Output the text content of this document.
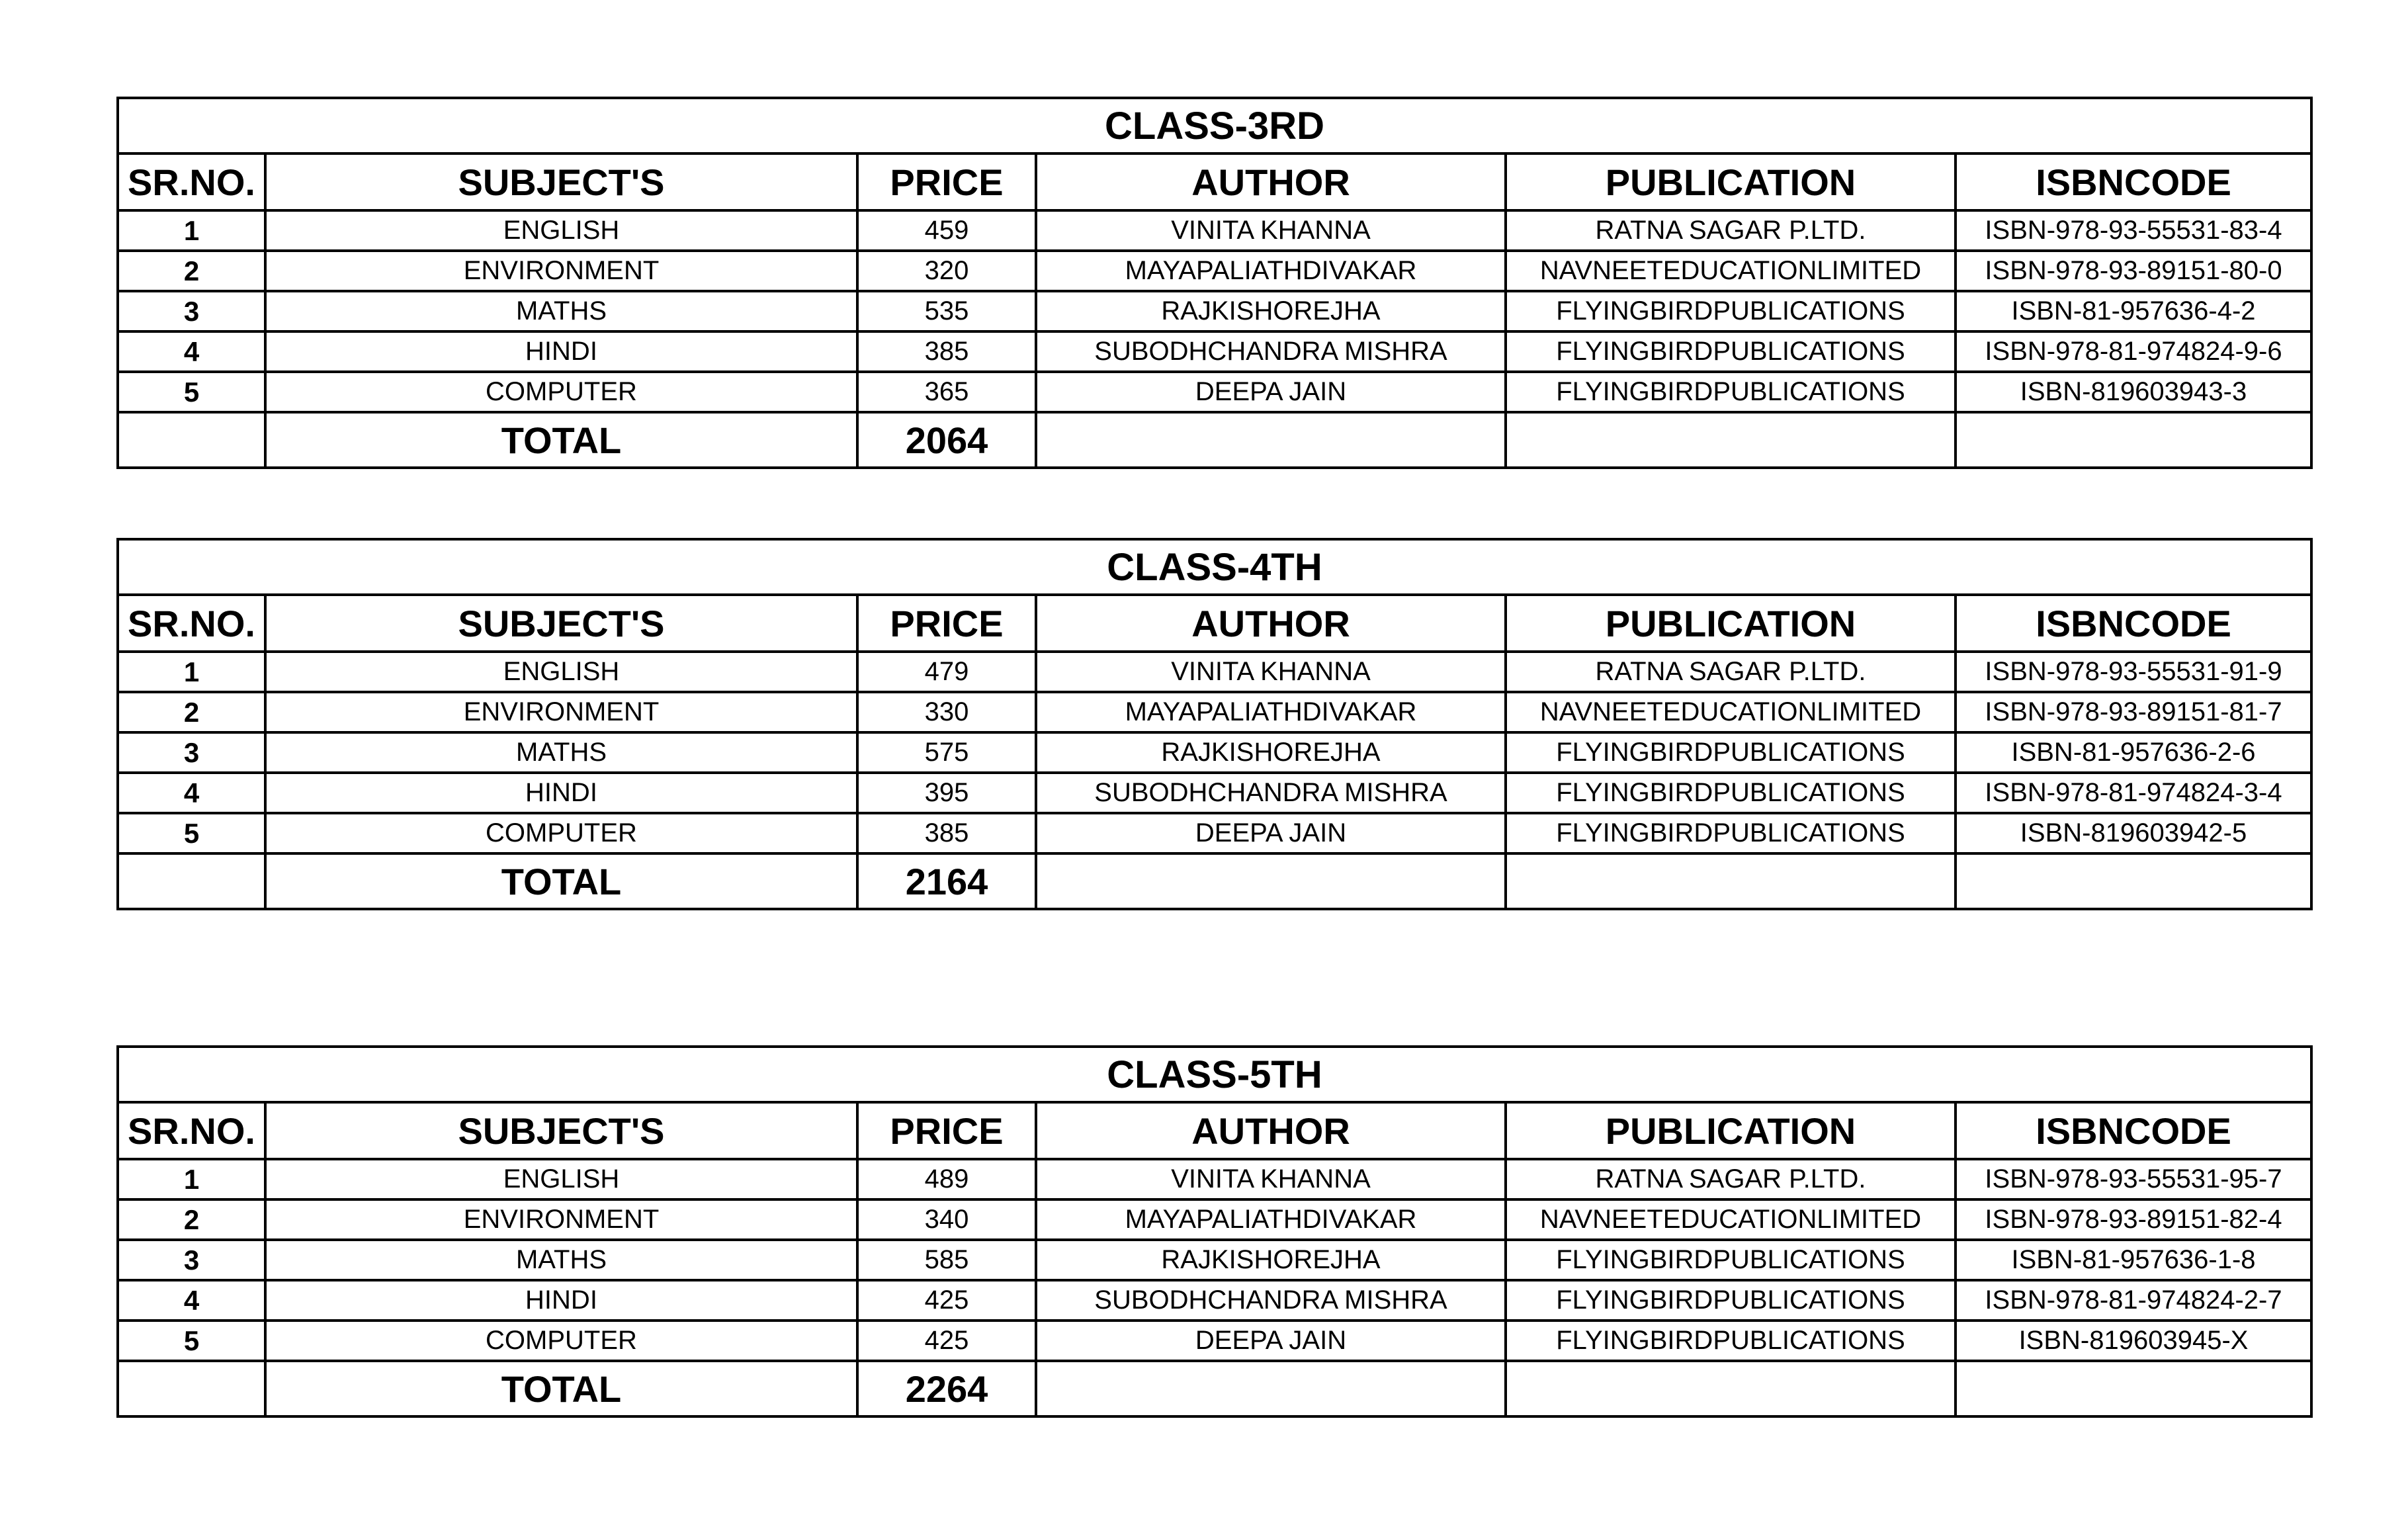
CLASS-3RD					
SR.NO.	SUBJECT'S	PRICE	AUTHOR	PUBLICATION	ISBNCODE
1	ENGLISH	459	VINITA KHANNA	RATNA SAGAR P.LTD.	ISBN-978-93-55531-83-4
2	ENVIRONMENT	320	MAYAPALIATHDIVAKAR	NAVNEETEDUCATIONLIMITED	ISBN-978-93-89151-80-0
3	MATHS	535	RAJKISHOREJHA	FLYINGBIRDPUBLICATIONS	ISBN-81-957636-4-2
4	HINDI	385	SUBODHCHANDRA MISHRA	FLYINGBIRDPUBLICATIONS	ISBN-978-81-974824-9-6
5	COMPUTER	365	DEEPA JAIN	FLYINGBIRDPUBLICATIONS	ISBN-819603943-3
	TOTAL	2064			
CLASS-4TH					
SR.NO.	SUBJECT'S	PRICE	AUTHOR	PUBLICATION	ISBNCODE
1	ENGLISH	479	VINITA KHANNA	RATNA SAGAR P.LTD.	ISBN-978-93-55531-91-9
2	ENVIRONMENT	330	MAYAPALIATHDIVAKAR	NAVNEETEDUCATIONLIMITED	ISBN-978-93-89151-81-7
3	MATHS	575	RAJKISHOREJHA	FLYINGBIRDPUBLICATIONS	ISBN-81-957636-2-6
4	HINDI	395	SUBODHCHANDRA MISHRA	FLYINGBIRDPUBLICATIONS	ISBN-978-81-974824-3-4
5	COMPUTER	385	DEEPA JAIN	FLYINGBIRDPUBLICATIONS	ISBN-819603942-5
	TOTAL	2164			
CLASS-5TH					
SR.NO.	SUBJECT'S	PRICE	AUTHOR	PUBLICATION	ISBNCODE
1	ENGLISH	489	VINITA KHANNA	RATNA SAGAR P.LTD.	ISBN-978-93-55531-95-7
2	ENVIRONMENT	340	MAYAPALIATHDIVAKAR	NAVNEETEDUCATIONLIMITED	ISBN-978-93-89151-82-4
3	MATHS	585	RAJKISHOREJHA	FLYINGBIRDPUBLICATIONS	ISBN-81-957636-1-8
4	HINDI	425	SUBODHCHANDRA MISHRA	FLYINGBIRDPUBLICATIONS	ISBN-978-81-974824-2-7
5	COMPUTER	425	DEEPA JAIN	FLYINGBIRDPUBLICATIONS	ISBN-819603945-X
	TOTAL	2264			
